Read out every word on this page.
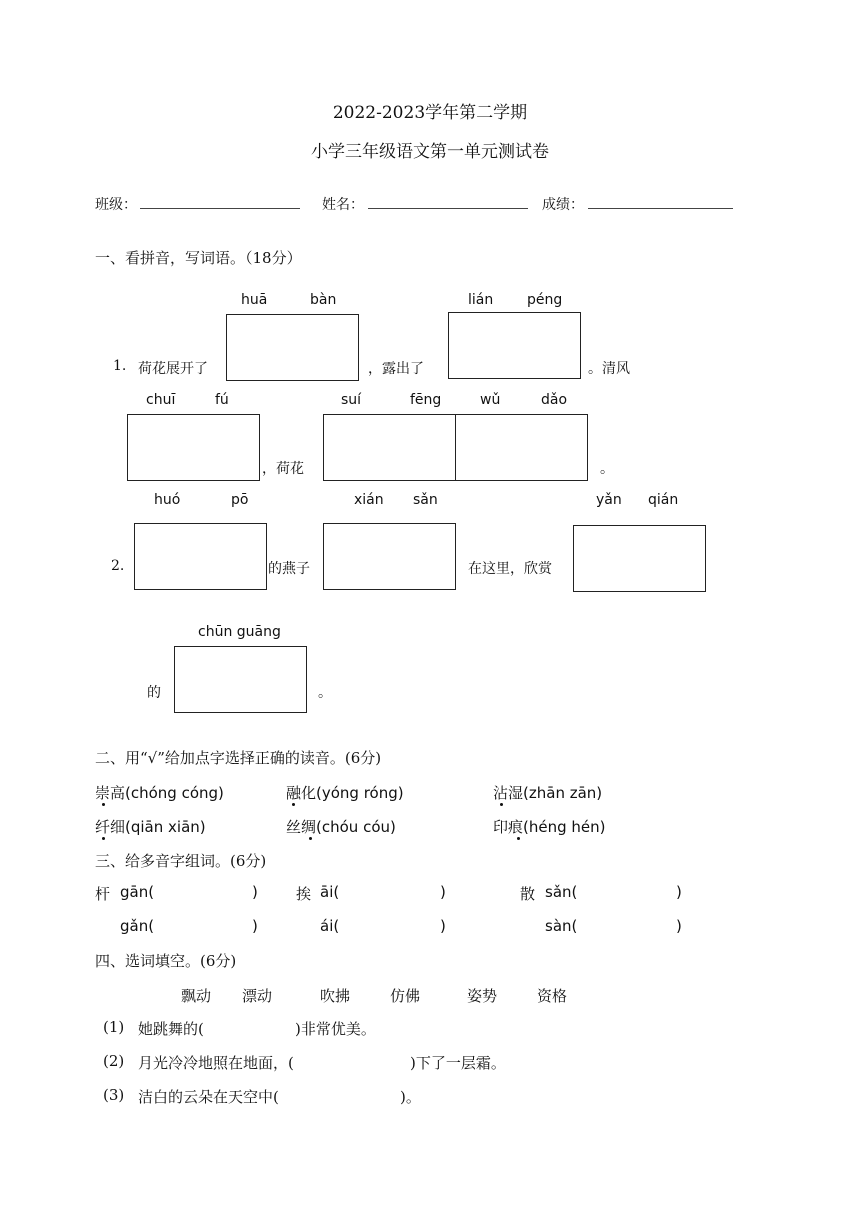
2022-2023学年第二学期
小学三年级语文第一单元测试卷
班级：	姓名：	成绩：
一、看拼音，写词语。（18分）
huā	bàn	lián péng
1. 荷花展开了	，露出了	。清风
chuī	fú	suí	fēng	wǔ	dǎo
，荷花	。
huó	pō	xián sǎn	yǎn qián
2.	的燕子	在这里，欣赏
chūn guāng
的	。
二、用“√”给加点字选择正确的读音。(6分)
崇高(chóng cóng)	融化(yóng róng)	沾湿(zhān zān)
纤细(qiān xiān)	丝绸(chóu cóu)	印痕(héng hén)
三、给多音字组词。(6分)
杆 gān(	)	挨 āi(	)	散 sǎn(	)
gǎn(	)	ái(	)	sàn(	)
四、选词填空。(6分)
飘动 漂动	吹拂	仿佛	姿势	资格
(1) 她跳舞的(	)非常优美。
(2) 月光冷冷地照在地面，(	)下了一层霜。
(3) 洁白的云朵在天空中(	)。
